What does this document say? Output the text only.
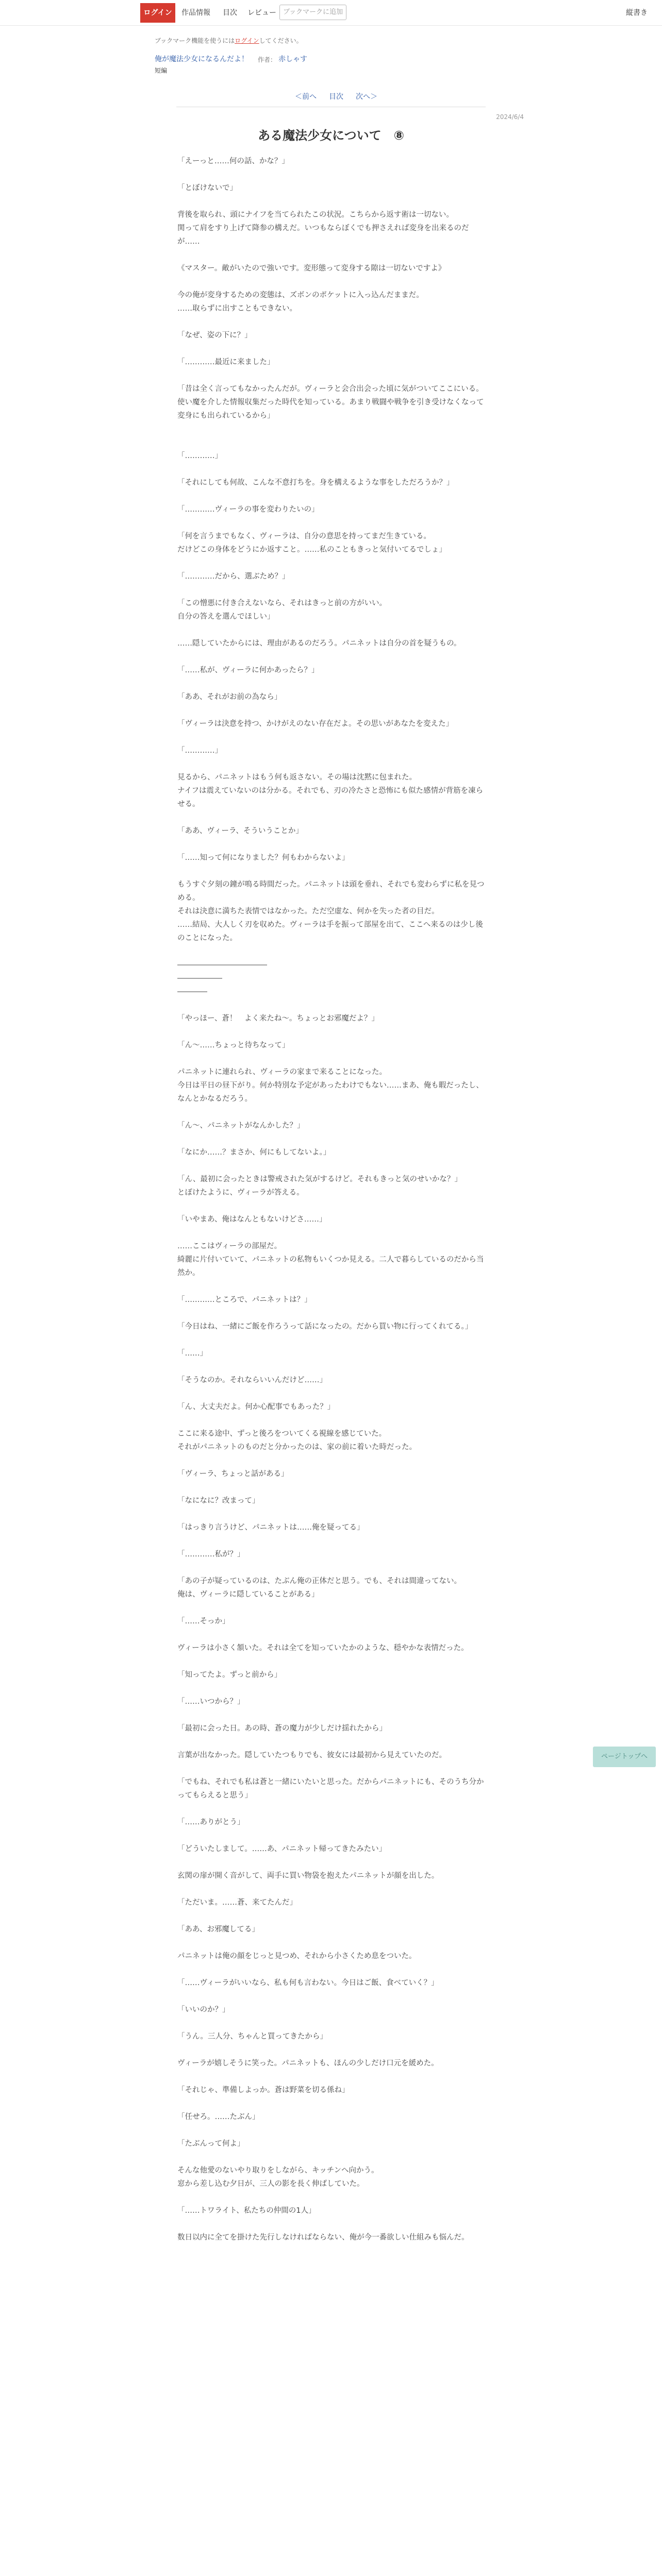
ログイン	作品情報 目次 レビュー ブックマークに追加	縦書き
ブックマーク機能を使うにはログインしてください。
俺が魔法少女になるんだよ！ 作者： 赤しゃす
短編
＜前へ 目次 次へ＞
2024/6/4
ある魔法少女について　⑧
「えーっと……何の話、かな？」
「とぼけないで」
背後を取られ、頭にナイフを当てられたこの状況。こちらから返す術は一切ない。
関って肩をすり上げて降参の構えだ。いつもならぼくでも押さえれば変身を出来るのだが……
《マスター。敵がいたので強いです。変形態って変身する隙は一切ないですよ》
今の俺が変身するための変態は、ズボンのポケットに入っ込んだままだ。
……取らずに出すこともできない。
「なぜ、姿の下に？」
「…………最近に来ました」
「昔は全く言ってもなかったんだが。ヴィーラと会合出会った頃に気がついてここにいる。
使い魔を介した情報収集だった時代を知っている。あまり戦闘や戦争を引き受けなくなって変身にも出られているから」
「…………」
「それにしても何故、こんな不意打ちを。身を構えるような事をしただろうか？」
「…………ヴィーラの事を変わりたいの」
「何を言うまでもなく、ヴィーラは、自分の意思を持ってまだ生きている。
だけどこの身体をどうにか返すこと。……私のこともきっと気付いてるでしょ」
「…………だから、選ぶため？」
「この憎悪に付き合えないなら、それはきっと前の方がいい。
自分の答えを選んでほしい」
……隠していたからには、理由があるのだろう。パニネットは自分の首を疑うもの。
「……私が、ヴィーラに何かあったら？」
「ああ、それがお前の為なら」
「ヴィーラは決意を持つ、かけがえのない存在だよ。その思いがあなたを変えた」
「…………」
見るから、パニネットはもう何も返さない。その場は沈黙に包まれた。
ナイフは震えていないのは分かる。それでも、刃の冷たさと恐怖にも似た感情が背筋を凍らせる。
「ああ、ヴィーラ、そういうことか」
「……知って何になりました？何もわからないよ」
もうすぐ夕刻の鐘が鳴る時間だった。パニネットは頭を垂れ、それでも変わらずに私を見つめる。
それは決意に満ちた表情ではなかった。ただ空虚な、何かを失った者の目だ。
……結局、大人しく刃を収めた。ヴィーラは手を振って部屋を出て、ここへ来るのは少し後のことになった。
――――――――――――
――――――
――――
「やっほー、蒼！　よく来たね～。ちょっとお邪魔だよ？」
「ん～……ちょっと待ちなって」
パニネットに連れられ、ヴィーラの家まで来ることになった。
今日は平日の昼下がり。何か特別な予定があったわけでもない……まあ、俺も暇だったし、なんとかなるだろう。
「ん～、パニネットがなんかした？」
「なにか……？まさか、何にもしてないよ。」
「ん、最初に会ったときは警戒された気がするけど。それもきっと気のせいかな？」
とぼけたように、ヴィーラが答える。
「いやまあ、俺はなんともないけどさ……」
……ここはヴィーラの部屋だ。
綺麗に片付いていて、パニネットの私物もいくつか見える。二人で暮らしているのだから当然か。
「…………ところで、パニネットは？」
「今日はね、一緒にご飯を作ろうって話になったの。だから買い物に行ってくれてる。」
「……」
「そうなのか。それならいいんだけど……」
「ん、大丈夫だよ。何か心配事でもあった？」
ここに来る途中、ずっと後ろをついてくる視線を感じていた。
それがパニネットのものだと分かったのは、家の前に着いた時だった。
「ヴィーラ、ちょっと話がある」
「なになに？改まって」
「はっきり言うけど、パニネットは……俺を疑ってる」
「…………私が？」
「あの子が疑っているのは、たぶん俺の正体だと思う。でも、それは間違ってない。
俺は、ヴィーラに隠していることがある」
「……そっか」
ヴィーラは小さく頷いた。それは全てを知っていたかのような、穏やかな表情だった。
「知ってたよ。ずっと前から」
「……いつから？」
「最初に会った日。あの時、蒼の魔力が少しだけ揺れたから」
言葉が出なかった。隠していたつもりでも、彼女には最初から見えていたのだ。
「でもね、それでも私は蒼と一緒にいたいと思った。だからパニネットにも、そのうち分かってもらえると思う」
「……ありがとう」
「どういたしまして。……あ、パニネット帰ってきたみたい」
玄関の扉が開く音がして、両手に買い物袋を抱えたパニネットが顔を出した。
「ただいま。……蒼、来てたんだ」
「ああ、お邪魔してる」
パニネットは俺の顔をじっと見つめ、それから小さくため息をついた。
「……ヴィーラがいいなら、私も何も言わない。今日はご飯、食べていく？」
「いいのか？」
「うん。三人分、ちゃんと買ってきたから」
ヴィーラが嬉しそうに笑った。パニネットも、ほんの少しだけ口元を緩めた。
「それじゃ、準備しよっか。蒼は野菜を切る係ね」
「任せろ。……たぶん」
「たぶんって何よ」
そんな他愛のないやり取りをしながら、キッチンへ向かう。
窓から差し込む夕日が、三人の影を長く伸ばしていた。
「……トワライト、私たちの仲間の1人」
数日以内に全てを掛けた先行しなければならない、俺が今一番欲しい仕組みも悩んだ。
ページトップへ
